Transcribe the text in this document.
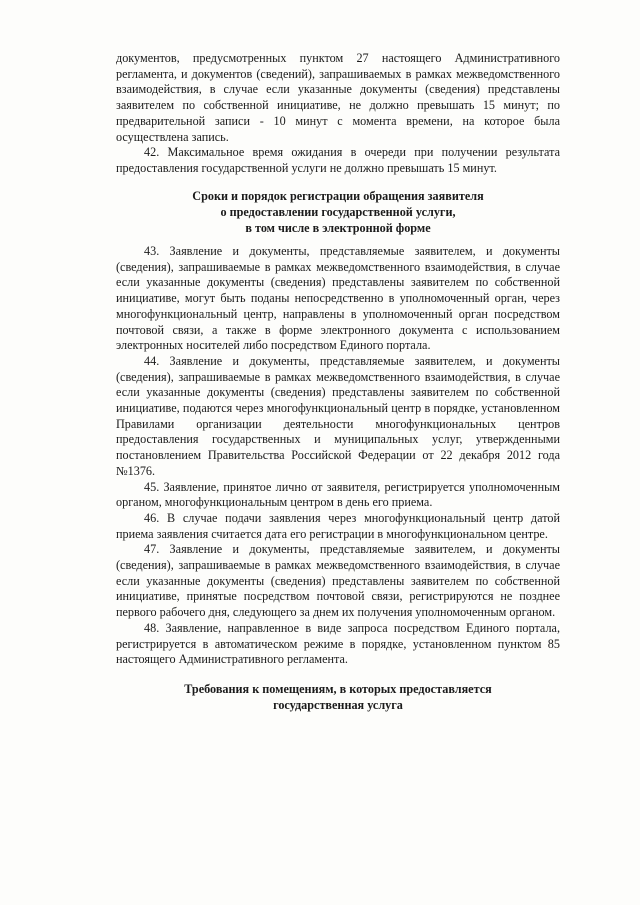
документов, предусмотренных пунктом 27 настоящего Административного регламента, и документов (сведений), запрашиваемых в рамках межведомственного взаимодействия, в случае если указанные документы (сведения) представлены заявителем по собственной инициативе, не должно превышать 15 минут; по предварительной записи - 10 минут с момента времени, на которое была осуществлена запись.

42. Максимальное время ожидания в очереди при получении результата предоставления государственной услуги не должно превышать 15 минут.

Сроки и порядок регистрации обращения заявителя
о предоставлении государственной услуги,
в том числе в электронной форме

43. Заявление и документы, представляемые заявителем, и документы (сведения), запрашиваемые в рамках межведомственного взаимодействия, в случае если указанные документы (сведения) представлены заявителем по собственной инициативе, могут быть поданы непосредственно в уполномоченный орган, через многофункциональный центр, направлены в уполномоченный орган посредством почтовой связи, а также в форме электронного документа с использованием электронных носителей либо посредством Единого портала.

44. Заявление и документы, представляемые заявителем, и документы (сведения), запрашиваемые в рамках межведомственного взаимодействия, в случае если указанные документы (сведения) представлены заявителем по собственной инициативе, подаются через многофункциональный центр в порядке, установленном Правилами организации деятельности многофункциональных центров предоставления государственных и муниципальных услуг, утвержденными постановлением Правительства Российской Федерации от 22 декабря 2012 года №1376.

45. Заявление, принятое лично от заявителя, регистрируется уполномоченным органом, многофункциональным центром в день его приема.

46. В случае подачи заявления через многофункциональный центр датой приема заявления считается дата его регистрации в многофункциональном центре.

47. Заявление и документы, представляемые заявителем, и документы (сведения), запрашиваемые в рамках межведомственного взаимодействия, в случае если указанные документы (сведения) представлены заявителем по собственной инициативе, принятые посредством почтовой связи, регистрируются не позднее первого рабочего дня, следующего за днем их получения уполномоченным органом.

48. Заявление, направленное в виде запроса посредством Единого портала, регистрируется в автоматическом режиме в порядке, установленном пунктом 85 настоящего Административного регламента.

Требования к помещениям, в которых предоставляется
государственная услуга
